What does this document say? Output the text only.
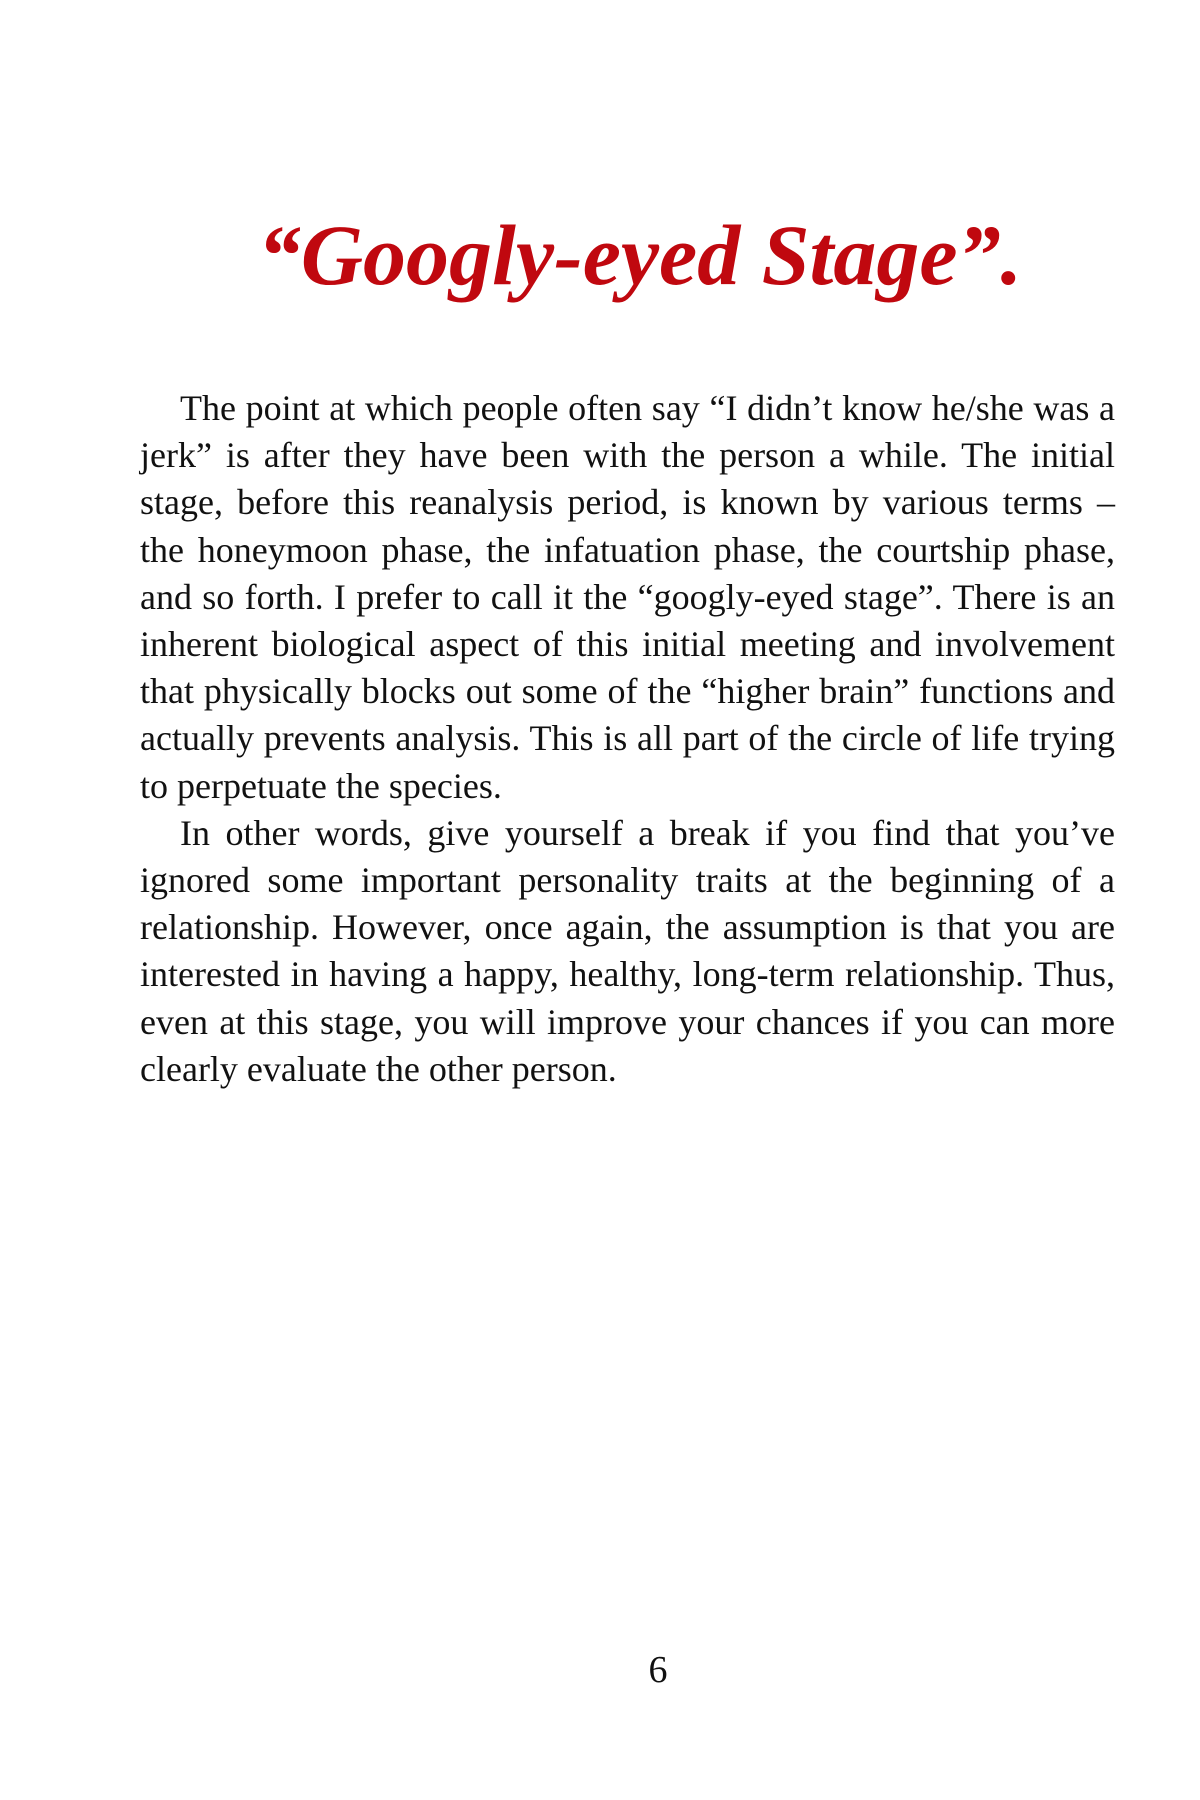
“Googly-eyed Stage”.

The point at which people often say “I didn’t know he/she was a jerk” is after they have been with the person a while. The initial stage, before this reanalysis period, is known by various terms – the honeymoon phase, the infatuation phase, the courtship phase, and so forth. I prefer to call it the “googly-eyed stage”. There is an inherent biological aspect of this initial meeting and involvement that physically blocks out some of the “higher brain” functions and actually prevents analysis. This is all part of the circle of life trying to perpetuate the species.

In other words, give yourself a break if you find that you’ve ignored some important personality traits at the beginning of a relationship. However, once again, the assumption is that you are interested in having a happy, healthy, long-term relationship. Thus, even at this stage, you will improve your chances if you can more clearly evaluate the other person.

6
